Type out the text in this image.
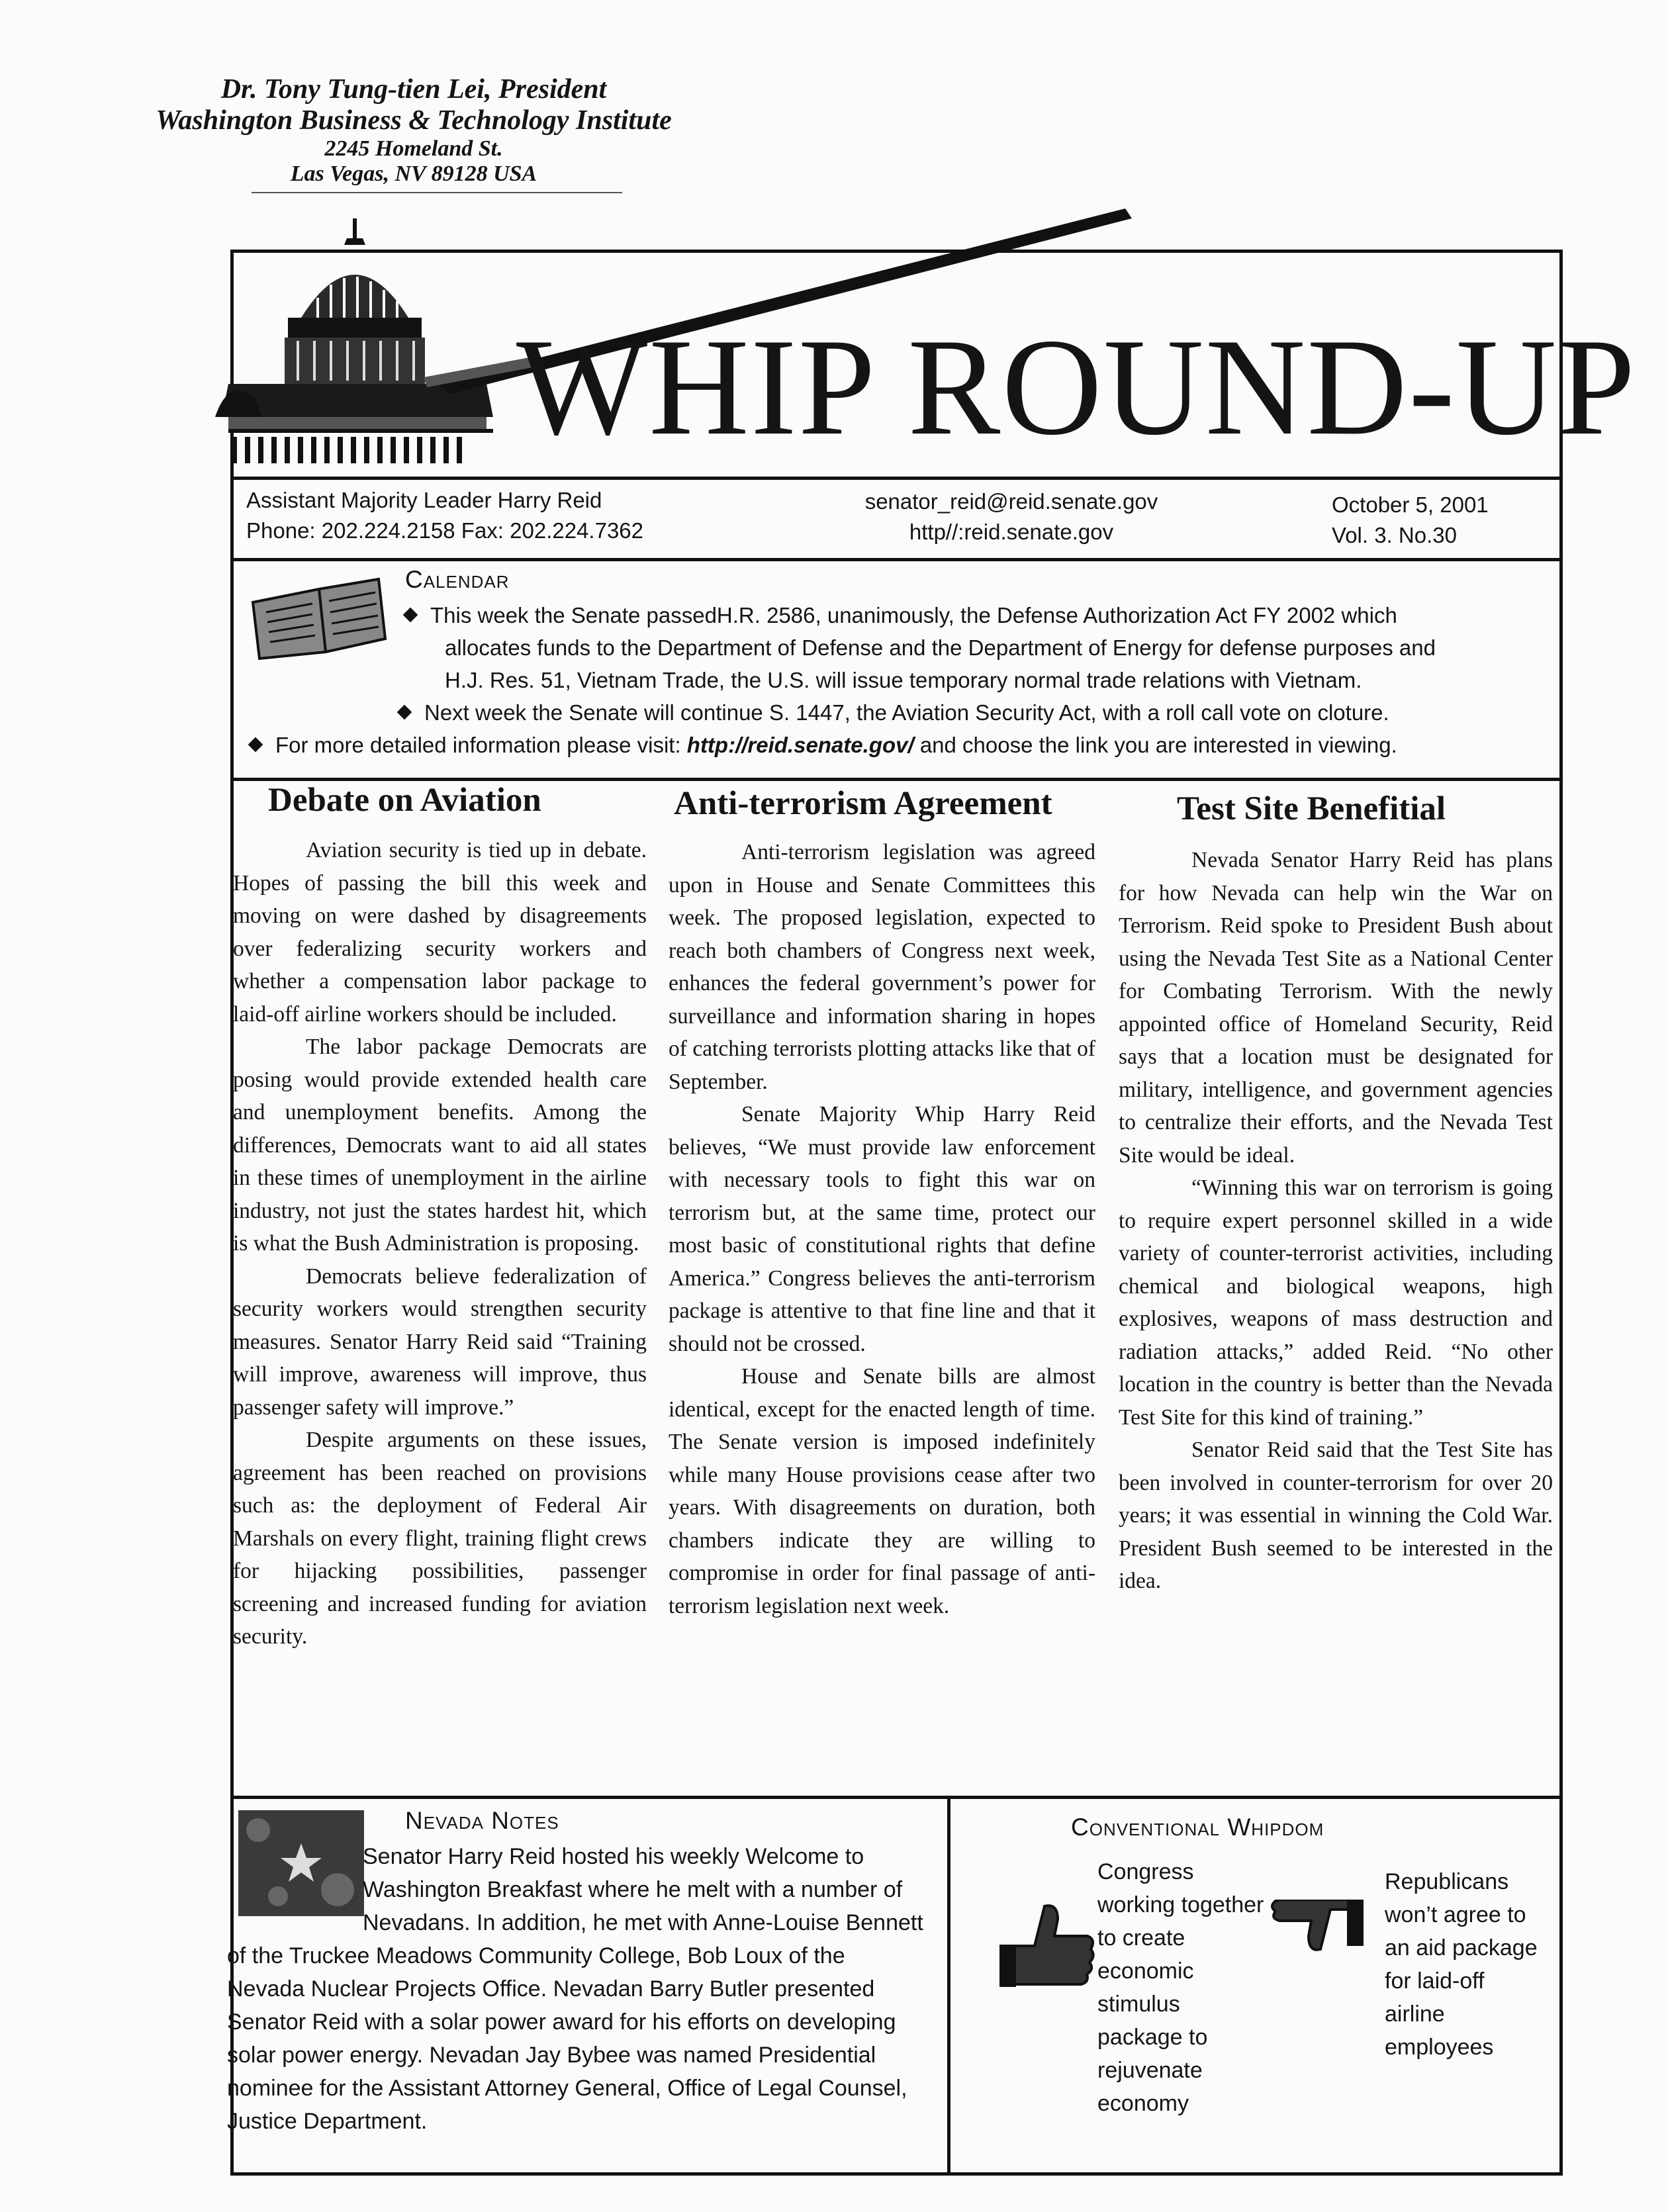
Dr. Tony Tung-tien Lei, President
Washington Business & Technology Institute
2245 Homeland St.
Las Vegas, NV 89128 USA
WHIP ROUND-UP
Assistant Majority Leader Harry Reid
Phone: 202.224.2158 Fax: 202.224.7362
senator_reid@reid.senate.gov
http//:reid.senate.gov
October 5, 2001
Vol. 3. No.30
Calendar
This week the Senate passedH.R. 2586, unanimously, the Defense Authorization Act FY 2002 which
allocates funds to the Department of Defense and the Department of Energy for defense purposes and
H.J. Res. 51, Vietnam Trade, the U.S. will issue temporary normal trade relations with Vietnam.
Next week the Senate will continue S. 1447, the Aviation Security Act, with a roll call vote on cloture.
For more detailed information please visit: http://reid.senate.gov/ and choose the link you are interested in viewing.
Debate on Aviation	Anti-terrorism Agreement	Test Site Benefitial

Aviation security is tied up in debate. Hopes of passing the bill this week and moving on were dashed by disagreements over federalizing security workers and whether a compensation labor package to laid-off airline workers should be included.

The labor package Democrats are posing would provide extended health care and unemployment benefits. Among the differences, Democrats want to aid all states in these times of unemployment in the airline industry, not just the states hardest hit, which is what the Bush Administration is proposing.

Democrats believe federalization of security workers would strengthen security measures. Senator Harry Reid said “Training will improve, awareness will improve, thus passenger safety will improve.”

Despite arguments on these issues, agreement has been reached on provisions such as: the deployment of Federal Air Marshals on every flight, training flight crews for hijacking possibilities, passenger screening and increased funding for aviation security.

Anti-terrorism legislation was agreed upon in House and Senate Committees this week. The proposed legislation, expected to reach both chambers of Congress next week, enhances the federal government’s power for surveillance and information sharing in hopes of catching terrorists plotting attacks like that of September.

Senate Majority Whip Harry Reid believes, “We must provide law enforcement with necessary tools to fight this war on terrorism but, at the same time, protect our most basic of constitutional rights that define America.” Congress believes the anti-terrorism package is attentive to that fine line and that it should not be crossed.

House and Senate bills are almost identical, except for the enacted length of time. The Senate version is imposed indefinitely while many House provisions cease after two years. With disagreements on duration, both chambers indicate they are willing to compromise in order for final passage of anti-terrorism legislation next week.

Nevada Senator Harry Reid has plans for how Nevada can help win the War on Terrorism. Reid spoke to President Bush about using the Nevada Test Site as a National Center for Combating Terrorism. With the newly appointed office of Homeland Security, Reid says that a location must be designated for military, intelligence, and government agencies to centralize their efforts, and the Nevada Test Site would be ideal.

“Winning this war on terrorism is going to require expert personnel skilled in a wide variety of counter-terrorist activities, including chemical and biological weapons, high explosives, weapons of mass destruction and radiation attacks,” added Reid. “No other location in the country is better than the Nevada Test Site for this kind of training.”

Senator Reid said that the Test Site has been involved in counter-terrorism for over 20 years; it was essential in winning the Cold War. President Bush seemed to be interested in the idea.

Nevada Notes
Senator Harry Reid hosted his weekly Welcome to Washington Breakfast where he melt with a number of Nevadans. In addition, he met with Anne-Louise Bennett of the Truckee Meadows Community College, Bob Loux of the Nevada Nuclear Projects Office. Nevadan Barry Butler presented Senator Reid with a solar power award for his efforts on developing solar power energy. Nevadan Jay Bybee was named Presidential nominee for the Assistant Attorney General, Office of Legal Counsel, Justice Department.
Conventional Whipdom
Congress working together to create economic stimulus package to rejuvenate economy
Republicans won’t agree to an aid package for laid-off airline employees
